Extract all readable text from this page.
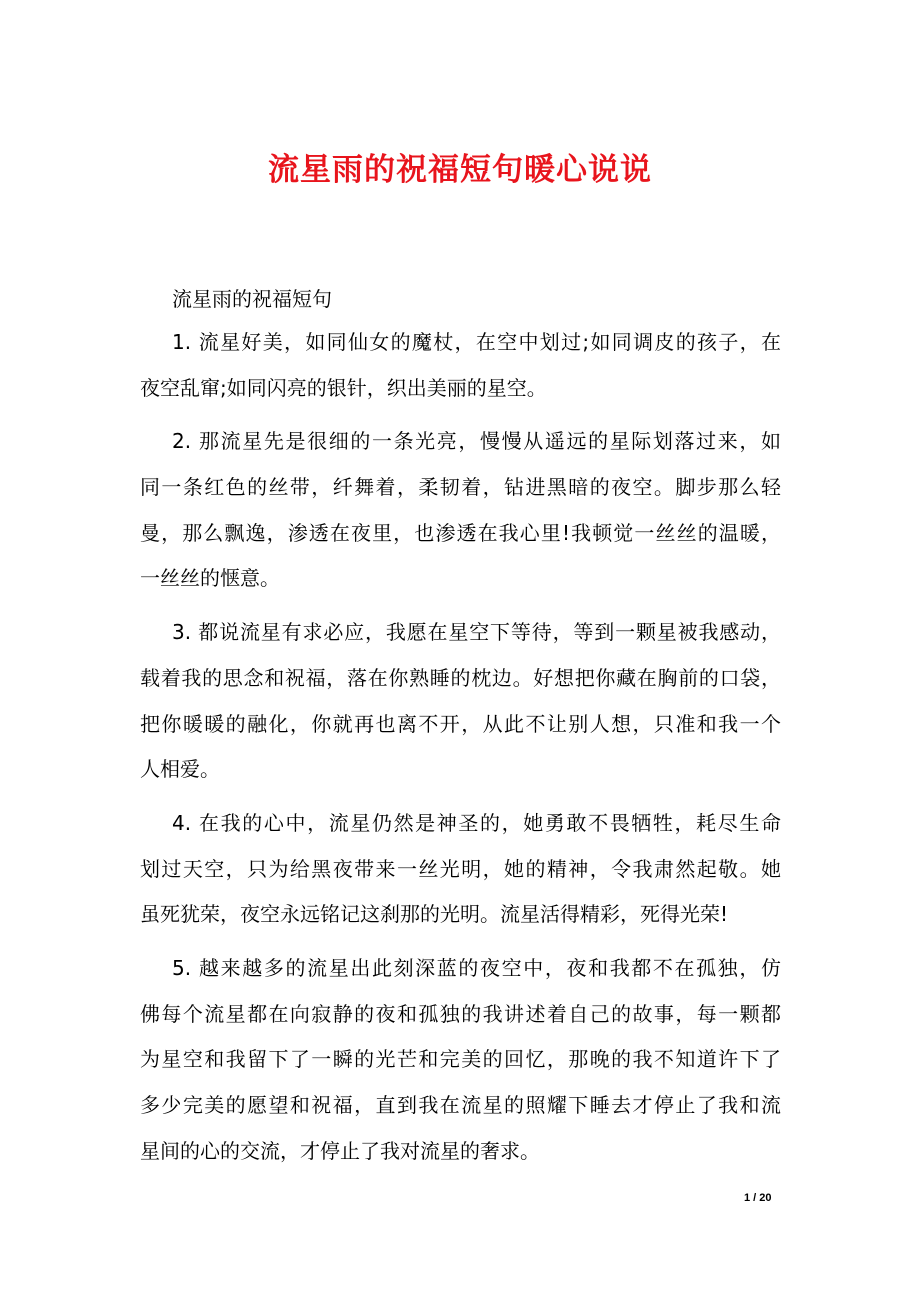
流星雨的祝福短句暖心说说
流星雨的祝福短句
1. 流星好美，如同仙女的魔杖，在空中划过;如同调皮的孩子，在
夜空乱窜;如同闪亮的银针，织出美丽的星空。
2. 那流星先是很细的一条光亮，慢慢从遥远的星际划落过来，如
同一条红色的丝带，纤舞着，柔韧着，钻进黑暗的夜空。脚步那么轻
曼，那么飘逸，渗透在夜里，也渗透在我心里!我顿觉一丝丝的温暖，
一丝丝的惬意。
3. 都说流星有求必应，我愿在星空下等待，等到一颗星被我感动，
载着我的思念和祝福，落在你熟睡的枕边。好想把你藏在胸前的口袋，
把你暖暖的融化，你就再也离不开，从此不让别人想，只准和我一个
人相爱。
4. 在我的心中，流星仍然是神圣的，她勇敢不畏牺牲，耗尽生命
划过天空，只为给黑夜带来一丝光明，她的精神，令我肃然起敬。她
虽死犹荣，夜空永远铭记这刹那的光明。流星活得精彩，死得光荣!
5. 越来越多的流星出此刻深蓝的夜空中，夜和我都不在孤独，仿
佛每个流星都在向寂静的夜和孤独的我讲述着自己的故事，每一颗都
为星空和我留下了一瞬的光芒和完美的回忆，那晚的我不知道许下了
多少完美的愿望和祝福，直到我在流星的照耀下睡去才停止了我和流
星间的心的交流，才停止了我对流星的奢求。
1 / 20
